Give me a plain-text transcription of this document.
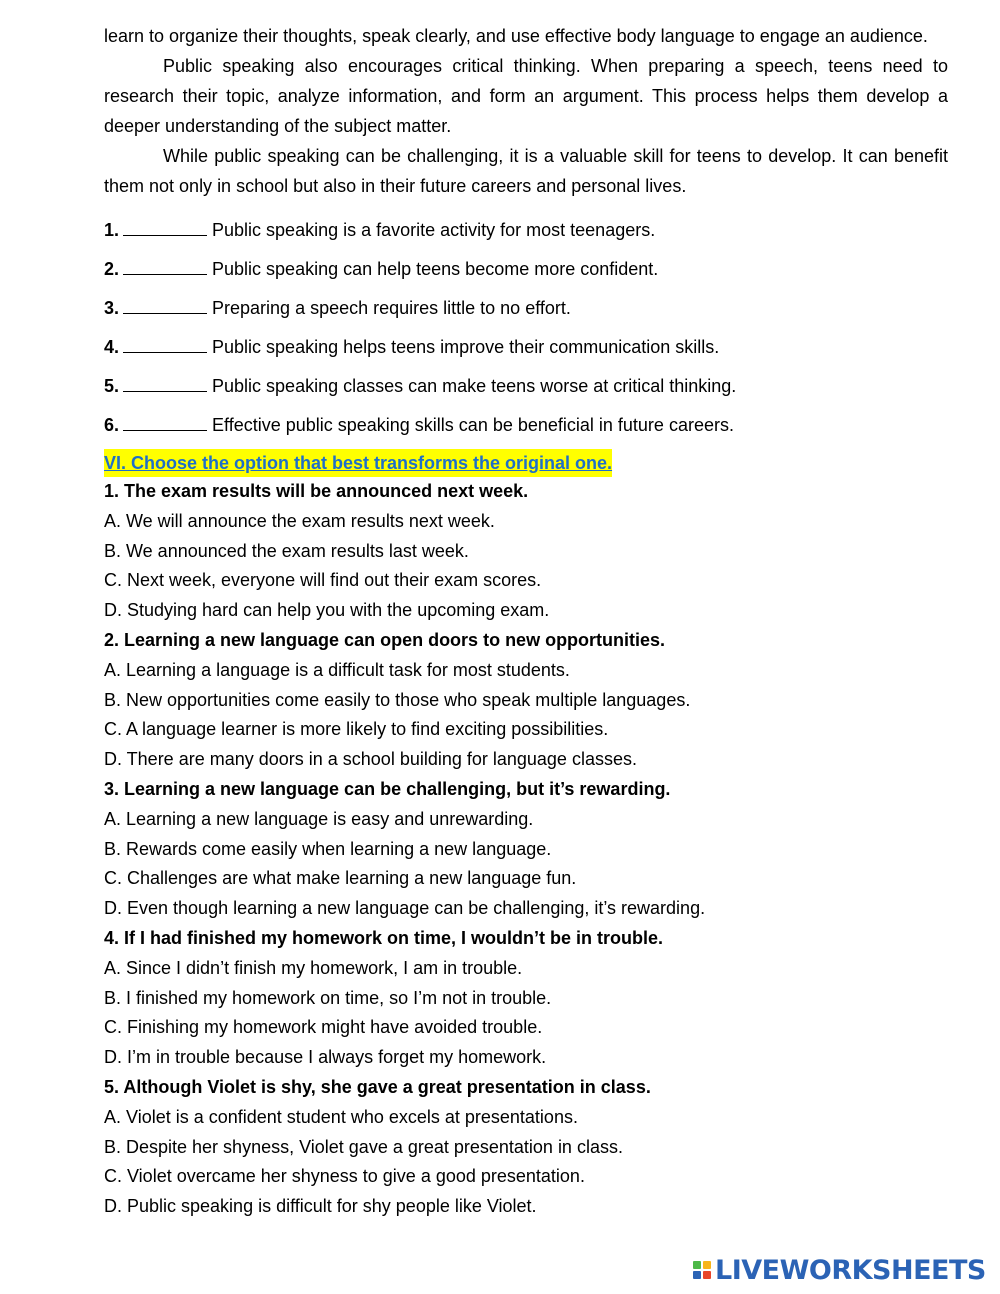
learn to organize their thoughts, speak clearly, and use effective body language to engage an audience.

Public speaking also encourages critical thinking. When preparing a speech, teens need to research their topic, analyze information, and form an argument. This process helps them develop a deeper understanding of the subject matter.

While public speaking can be challenging, it is a valuable skill for teens to develop. It can benefit them not only in school but also in their future careers and personal lives.

1.	Public speaking is a favorite activity for most teenagers.
2.	Public speaking can help teens become more confident.
3.	Preparing a speech requires little to no effort.
4.	Public speaking helps teens improve their communication skills.
5.	Public speaking classes can make teens worse at critical thinking.
6.	Effective public speaking skills can be beneficial in future careers.
VI. Choose the option that best transforms the original one.
1. The exam results will be announced next week.
A. We will announce the exam results next week.
B. We announced the exam results last week.
C. Next week, everyone will find out their exam scores.
D. Studying hard can help you with the upcoming exam.
2. Learning a new language can open doors to new opportunities.
A. Learning a language is a difficult task for most students.
B. New opportunities come easily to those who speak multiple languages.
C. A language learner is more likely to find exciting possibilities.
D. There are many doors in a school building for language classes.
3. Learning a new language can be challenging, but it’s rewarding.
A. Learning a new language is easy and unrewarding.
B. Rewards come easily when learning a new language.
C. Challenges are what make learning a new language fun.
D. Even though learning a new language can be challenging, it’s rewarding.
4. If I had finished my homework on time, I wouldn’t be in trouble.
A. Since I didn’t finish my homework, I am in trouble.
B. I finished my homework on time, so I’m not in trouble.
C. Finishing my homework might have avoided trouble.
D. I’m in trouble because I always forget my homework.
5. Although Violet is shy, she gave a great presentation in class.
A. Violet is a confident student who excels at presentations.
B. Despite her shyness, Violet gave a great presentation in class.
C. Violet overcame her shyness to give a good presentation.
D. Public speaking is difficult for shy people like Violet.
LIVEWORKSHEETS
